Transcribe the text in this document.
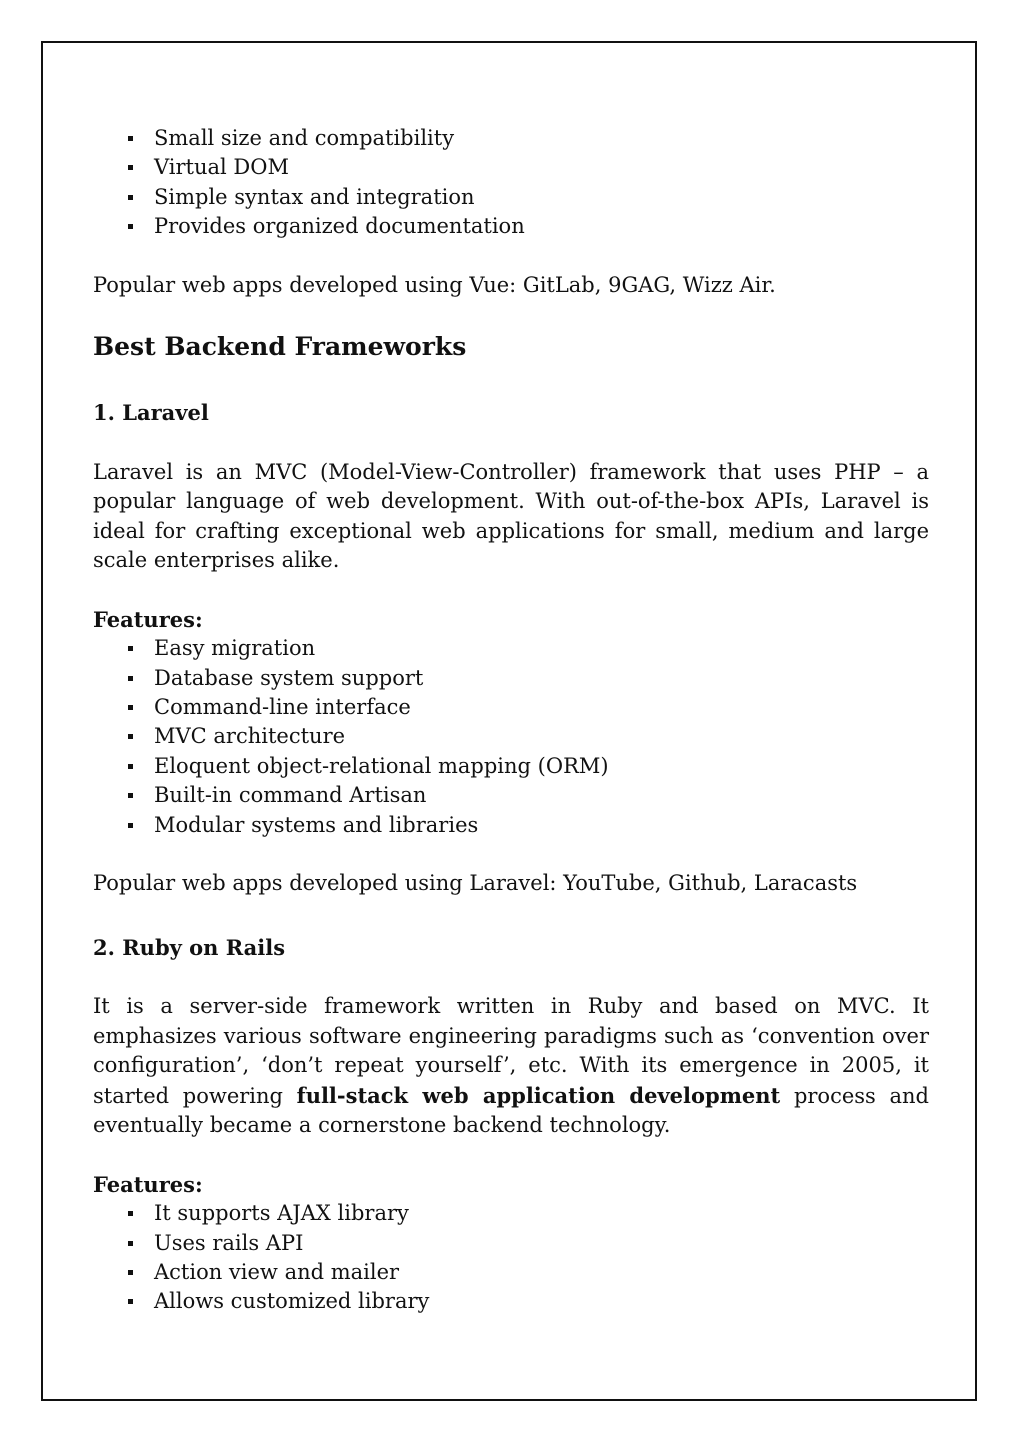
Small size and compatibility
Virtual DOM
Simple syntax and integration
Provides organized documentation

Popular web apps developed using Vue: GitLab, 9GAG, Wizz Air.

Best Backend Frameworks
1. Laravel

Laravel is an MVC (Model-View-Controller) framework that uses PHP – a popular language of web development. With out-of-the-box APIs, Laravel is ideal for crafting exceptional web applications for small, medium and large scale enterprises alike.

Features:

Easy migration
Database system support
Command-line interface
MVC architecture
Eloquent object-relational mapping (ORM)
Built-in command Artisan
Modular systems and libraries

Popular web apps developed using Laravel: YouTube, Github, Laracasts

2. Ruby on Rails

It is a server-side framework written in Ruby and based on MVC. It emphasizes various software engineering paradigms such as ‘convention over configuration’, ‘don’t repeat yourself’, etc. With its emergence in 2005, it started powering full-stack web application development process and eventually became a cornerstone backend technology.

Features:

It supports AJAX library
Uses rails API
Action view and mailer
Allows customized library
